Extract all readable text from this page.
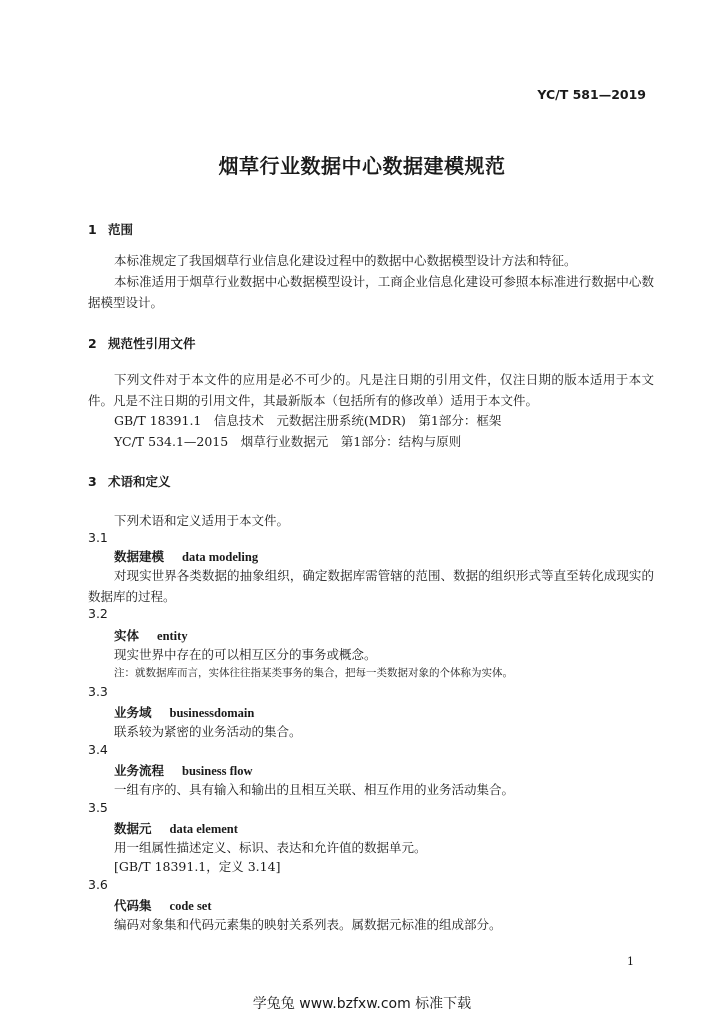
YC/T 581—2019
烟草行业数据中心数据建模规范
1 范围
本标准规定了我国烟草行业信息化建设过程中的数据中心数据模型设计方法和特征。
本标准适用于烟草行业数据中心数据模型设计，工商企业信息化建设可参照本标准进行数据中心数据模型设计。
2 规范性引用文件
下列文件对于本文件的应用是必不可少的。凡是注日期的引用文件，仅注日期的版本适用于本文件。凡是不注日期的引用文件，其最新版本（包括所有的修改单）适用于本文件。
GB/T 18391.1　信息技术　元数据注册系统(MDR)　第1部分：框架
YC/T 534.1—2015　烟草行业数据元　第1部分：结构与原则
3 术语和定义
下列术语和定义适用于本文件。
3.1
数据建模 data modeling
对现实世界各类数据的抽象组织，确定数据库需管辖的范围、数据的组织形式等直至转化成现实的数据库的过程。
3.2
实体 entity
现实世界中存在的可以相互区分的事务或概念。
注：就数据库而言，实体往往指某类事务的集合，把每一类数据对象的个体称为实体。
3.3
业务域 businessdomain
联系较为紧密的业务活动的集合。
3.4
业务流程 business flow
一组有序的、具有输入和输出的且相互关联、相互作用的业务活动集合。
3.5
数据元 data element
用一组属性描述定义、标识、表达和允许值的数据单元。
[GB/T 18391.1，定义 3.14]
3.6
代码集 code set
编码对象集和代码元素集的映射关系列表。属数据元标准的组成部分。
1
学兔兔 www.bzfxw.com 标准下载
